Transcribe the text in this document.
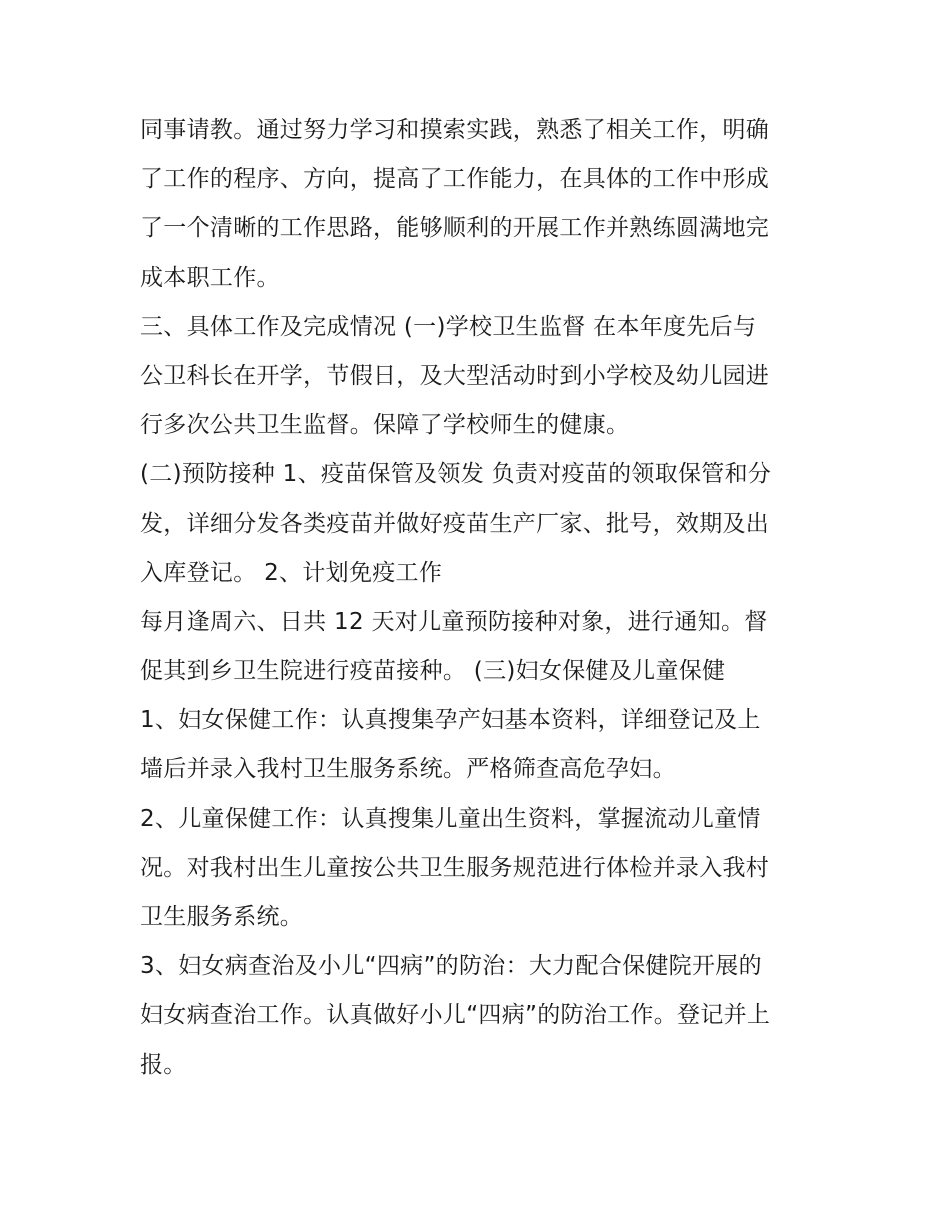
同事请教。通过努力学习和摸索实践，熟悉了相关工作，明确
了工作的程序、方向，提高了工作能力，在具体的工作中形成
了一个清晰的工作思路，能够顺利的开展工作并熟练圆满地完
成本职工作。
三、具体工作及完成情况 (一)学校卫生监督 在本年度先后与
公卫科长在开学，节假日，及大型活动时到小学校及幼儿园进
行多次公共卫生监督。保障了学校师生的健康。
(二)预防接种 1、疫苗保管及领发 负责对疫苗的领取保管和分
发，详细分发各类疫苗并做好疫苗生产厂家、批号，效期及出
入库登记。 2、计划免疫工作
每月逢周六、日共 12 天对儿童预防接种对象，进行通知。督
促其到乡卫生院进行疫苗接种。 (三)妇女保健及儿童保健
1、妇女保健工作：认真搜集孕产妇基本资料，详细登记及上
墙后并录入我村卫生服务系统。严格筛查高危孕妇。
2、儿童保健工作：认真搜集儿童出生资料，掌握流动儿童情
况。对我村出生儿童按公共卫生服务规范进行体检并录入我村
卫生服务系统。
3、妇女病查治及小儿“四病”的防治：大力配合保健院开展的
妇女病查治工作。认真做好小儿“四病”的防治工作。登记并上
报。
